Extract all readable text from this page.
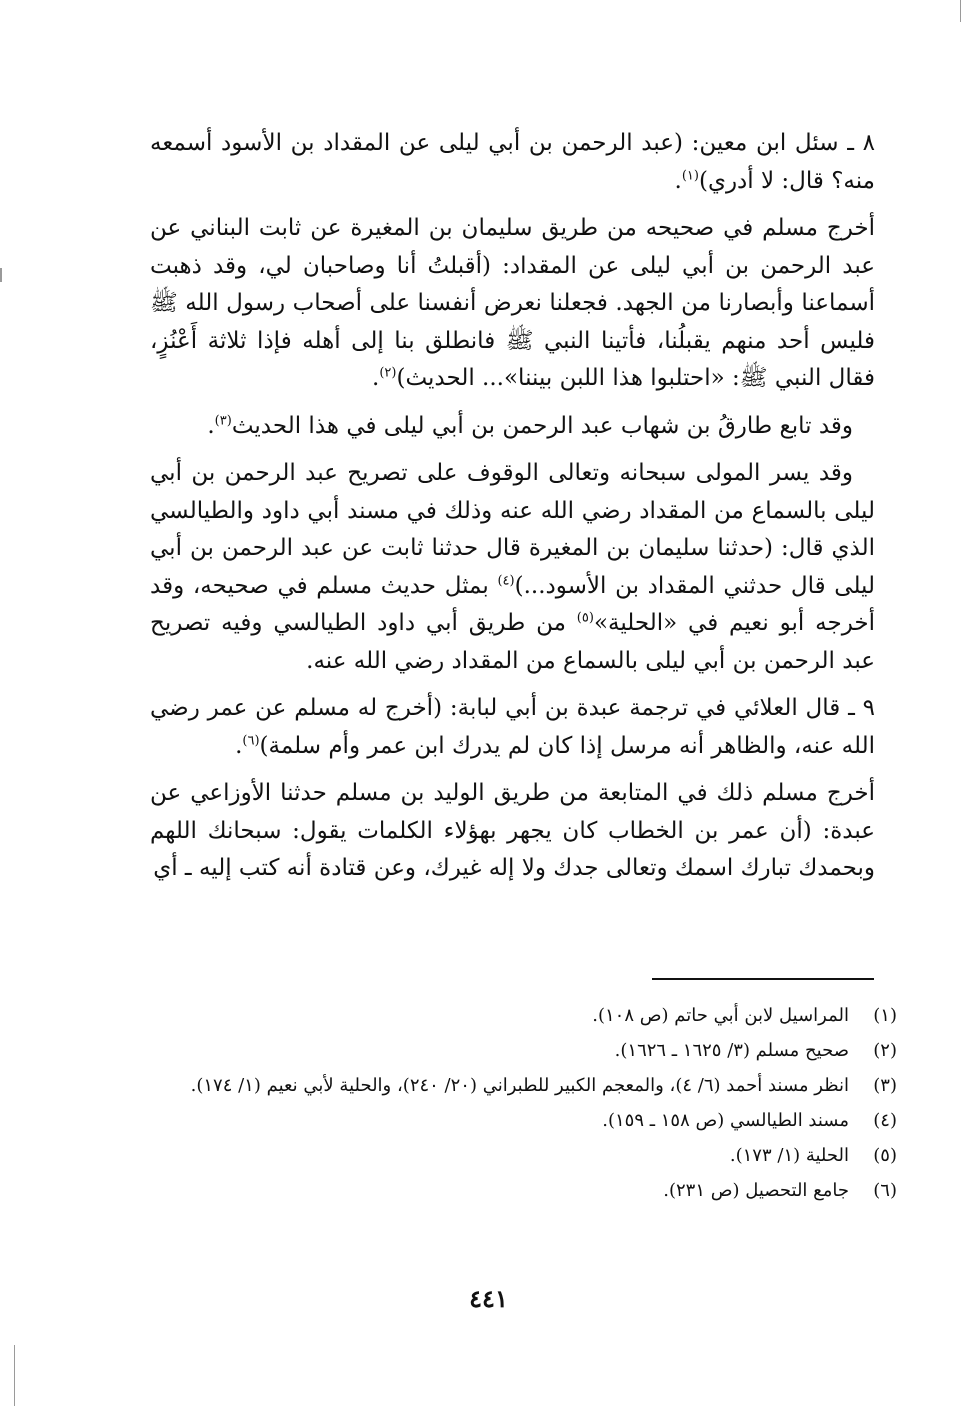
٨ ـ سئل ابن معين: (عبد الرحمن بن أبي ليلى عن المقداد بن الأسود أسمعه منه؟ قال: لا أدري)$^{(١)}$.

أخرج مسلم في صحيحه من طريق سليمان بن المغيرة عن ثابت البناني عن عبد الرحمن بن أبي ليلى عن المقداد: (أقبلتُ أنا وصاحبان لي، وقد ذهبت أسماعنا وأبصارنا من الجهد. فجعلنا نعرض أنفسنا على أصحاب رسول الله ﷺ فليس أحد منهم يقبلُنا، فأتينا النبي ﷺ فانطلق بنا إلى أهله فإذا ثلاثة أَعْنُزٍ، فقال النبي ﷺ: «احتلبوا هذا اللبن بيننا»... الحديث)$^{(٢)}$.

وقد تابع طارقُ بن شهاب عبد الرحمن بن أبي ليلى في هذا الحديث$^{(٣)}$.

وقد يسر المولى سبحانه وتعالى الوقوف على تصريح عبد الرحمن بن أبي ليلى بالسماع من المقداد رضي الله عنه وذلك في مسند أبي داود والطيالسي الذي قال: (حدثنا سليمان بن المغيرة قال حدثنا ثابت عن عبد الرحمن بن أبي ليلى قال حدثني المقداد بن الأسود...)$^{(٤)}$ بمثل حديث مسلم في صحيحه، وقد أخرجه أبو نعيم في «الحلية»$^{(٥)}$ من طريق أبي داود الطيالسي وفيه تصريح عبد الرحمن بن أبي ليلى بالسماع من المقداد رضي الله عنه.

٩ ـ قال العلائي في ترجمة عبدة بن أبي لبابة: (أخرج له مسلم عن عمر رضي الله عنه، والظاهر أنه مرسل إذا كان لم يدرك ابن عمر وأم سلمة)$^{(٦)}$.

أخرج مسلم ذلك في المتابعة من طريق الوليد بن مسلم حدثنا الأوزاعي عن عبدة: (أن عمر بن الخطاب كان يجهر بهؤلاء الكلمات يقول: سبحانك اللهم وبحمدك تبارك اسمك وتعالى جدك ولا إله غيرك، وعن قتادة أنه كتب إليه ـ أي

(١)
المراسيل لابن أبي حاتم (ص ١٠٨).
(٢)
صحيح مسلم (٣/ ١٦٢٥ ـ ١٦٢٦).
(٣)
انظر مسند أحمد (٦/ ٤)، والمعجم الكبير للطبراني (٢٠/ ٢٤٠)، والحلية لأبي نعيم (١/ ١٧٤).
(٤)
مسند الطيالسي (ص ١٥٨ ـ ١٥٩).
(٥)
الحلية (١/ ١٧٣).
(٦)
جامع التحصيل (ص ٢٣١).
٤٤١
